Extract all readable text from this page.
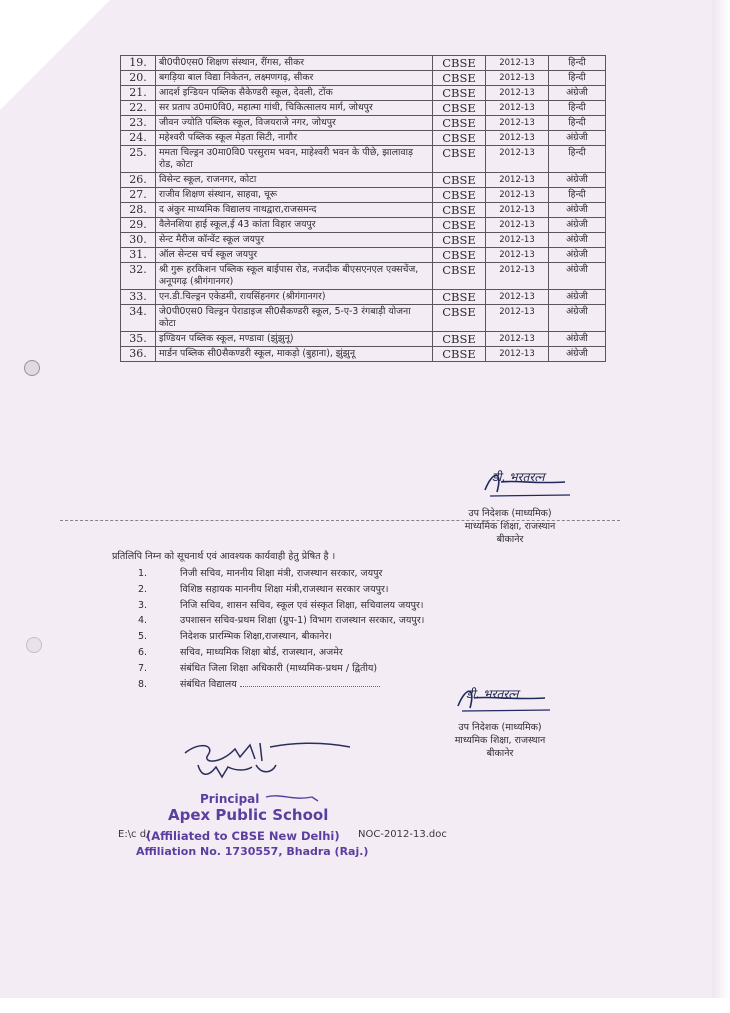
19.	बी0पी0एस0 शिक्षण संस्थान, रींगस, सीकर	CBSE	2012-13	हिन्दी
20.	बगड़िया बाल विद्या निकेतन, लक्ष्मणगढ़, सीकर	CBSE	2012-13	हिन्दी
21.	आदर्श इन्डियन पब्लिक सैकेण्डरी स्कूल, देवली, टोंक	CBSE	2012-13	अंग्रेजी
22.	सर प्रताप उ0मा0वि0, महात्मा गांधी, चिकित्सालय मार्ग, जोधपुर	CBSE	2012-13	हिन्दी
23.	जीवन ज्योति पब्लिक स्कूल, विजयराजे नगर, जोधपुर	CBSE	2012-13	हिन्दी
24.	महेश्वरी पब्लिक स्कूल मेड़ता सिटी, नागौर	CBSE	2012-13	अंग्रेजी
25.	ममता चिल्ड्रन उ0मा0वि0 परसुराम भवन, माहेश्वरी भवन के पीछे, झालावाड़ रोड, कोटा	CBSE	2012-13	हिन्दी
26.	विसेन्ट स्कूल, राजनगर, कोटा	CBSE	2012-13	अंग्रेजी
27.	राजीव शिक्षण संस्थान, साहवा, चूरू	CBSE	2012-13	हिन्दी
28.	द अंकुर माध्यमिक विद्यालय नाथद्वारा,राजसमन्द	CBSE	2012-13	अंग्रेजी
29.	वैलेनशिया हाई स्कूल,ई 43 कांता विहार जयपुर	CBSE	2012-13	अंग्रेजी
30.	सेन्ट मैरीज कॉन्वेंट स्कूल जयपुर	CBSE	2012-13	अंग्रेजी
31.	ऑल सेन्टस चर्च स्कूल जयपुर	CBSE	2012-13	अंग्रेजी
32.	श्री गुरू हरकिशन पब्लिक स्कूल बाईपास रोड, नजदीक बीएसएनएल एक्सचेंज, अनूपगढ़ (श्रीगंगानगर)	CBSE	2012-13	अंग्रेजी
33.	एन.डी.चिल्ड्रन एकेडमी, रायसिंहनगर (श्रीगंगानगर)	CBSE	2012-13	अंग्रेजी
34.	जे0पी0एस0 चिल्ड्रन पेराडाइज सी0सैकण्डरी स्कूल, 5-ए-3 रंगबाड़ी योजना कोटा	CBSE	2012-13	अंग्रेजी
35.	इण्डियन पब्लिक स्कूल, मण्डावा (झुंझुनू)	CBSE	2012-13	अंग्रेजी
36.	मार्डन पब्लिक सी0सैकण्डरी स्कूल, माकड़ो (बुहाना), झुंझुनू	CBSE	2012-13	अंग्रेजी
डी. भरतरत्न
उप निदेशक (माध्यमिक)
माध्यमिक शिक्षा, राजस्थान
बीकानेर
प्रतिलिपि निम्न को सूचनार्थ एवं आवश्यक कार्यवाही हेतु प्रेषित है ।
1.	निजी सचिव, माननीय शिक्षा मंत्री, राजस्थान सरकार, जयपुर
2.	विशिष्ठ सहायक माननीय शिक्षा मंत्री,राजस्थान सरकार जयपुर।
3.	निजि सचिव, शासन सचिव, स्कूल एवं संस्कृत शिक्षा, सचिवालय जयपुर।
4.	उपशासन सचिव-प्रथम शिक्षा (ग्रुप-1) विभाग राजस्थान सरकार, जयपुर।
5.	निदेशक प्रारम्भिक शिक्षा,राजस्थान, बीकानेर।
6.	सचिव, माध्यमिक शिक्षा बोर्ड, राजस्थान, अजमेर
7.	संबंधित जिला शिक्षा अधिकारी (माध्यमिक-प्रथम / द्वितीय)
8.	संबंधित विद्यालय
डी. भरतरत्न
उप निदेशक (माध्यमिक)
माध्यमिक शिक्षा, राजस्थान
बीकानेर
Principal
Apex Public School
(Affiliated to CBSE New Delhi)
Affiliation No. 1730557, Bhadra (Raj.)
E:\c d/	NOC-2012-13.doc
